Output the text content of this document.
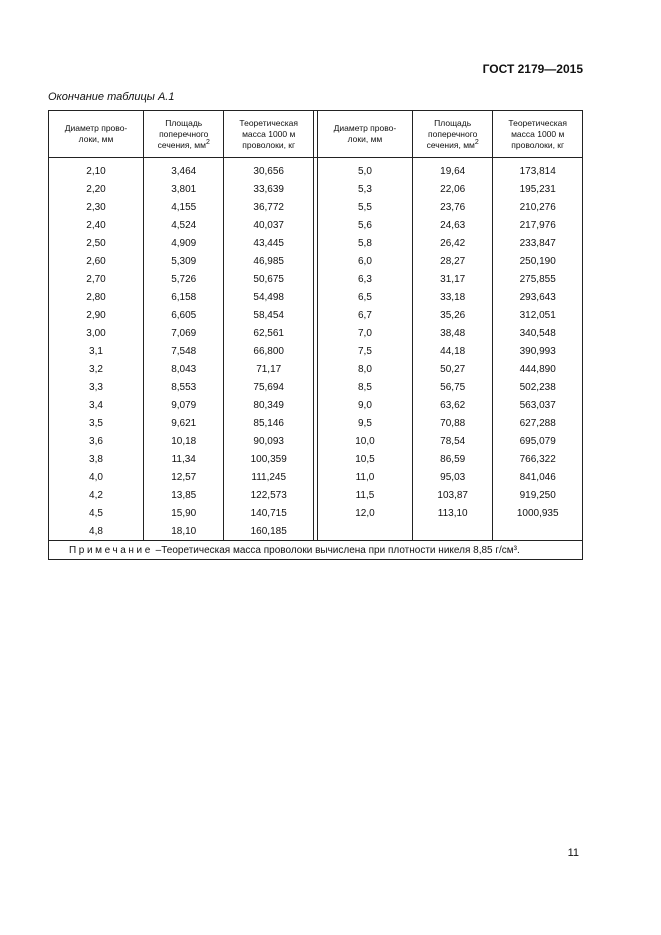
ГОСТ 2179—2015
Окончание таблицы А.1
Диаметр прово-
локи, мм	Площадь
поперечного
сечения, $мм^2$	Теоретическая
масса 1000 м
проволоки, кг		Диаметр прово-
локи, мм	Площадь
поперечного
сечения, $мм^2$	Теоретическая
масса 1000 м
проволоки, кг
2,10	3,464	30,656		5,0	19,64	173,814
2,20	3,801	33,639		5,3	22,06	195,231
2,30	4,155	36,772		5,5	23,76	210,276
2,40	4,524	40,037		5,6	24,63	217,976
2,50	4,909	43,445		5,8	26,42	233,847
2,60	5,309	46,985		6,0	28,27	250,190
2,70	5,726	50,675		6,3	31,17	275,855
2,80	6,158	54,498		6,5	33,18	293,643
2,90	6,605	58,454		6,7	35,26	312,051
3,00	7,069	62,561		7,0	38,48	340,548
3,1	7,548	66,800		7,5	44,18	390,993
3,2	8,043	71,17		8,0	50,27	444,890
3,3	8,553	75,694		8,5	56,75	502,238
3,4	9,079	80,349		9,0	63,62	563,037
3,5	9,621	85,146		9,5	70,88	627,288
3,6	10,18	90,093		10,0	78,54	695,079
3,8	11,34	100,359		10,5	86,59	766,322
4,0	12,57	111,245		11,0	95,03	841,046
4,2	13,85	122,573		11,5	103,87	919,250
4,5	15,90	140,715		12,0	113,10	1000,935
4,8	18,10	160,185				
Примечание –Теоретическая масса проволоки вычислена при плотности никеля 8,85 г/см³.						
11
